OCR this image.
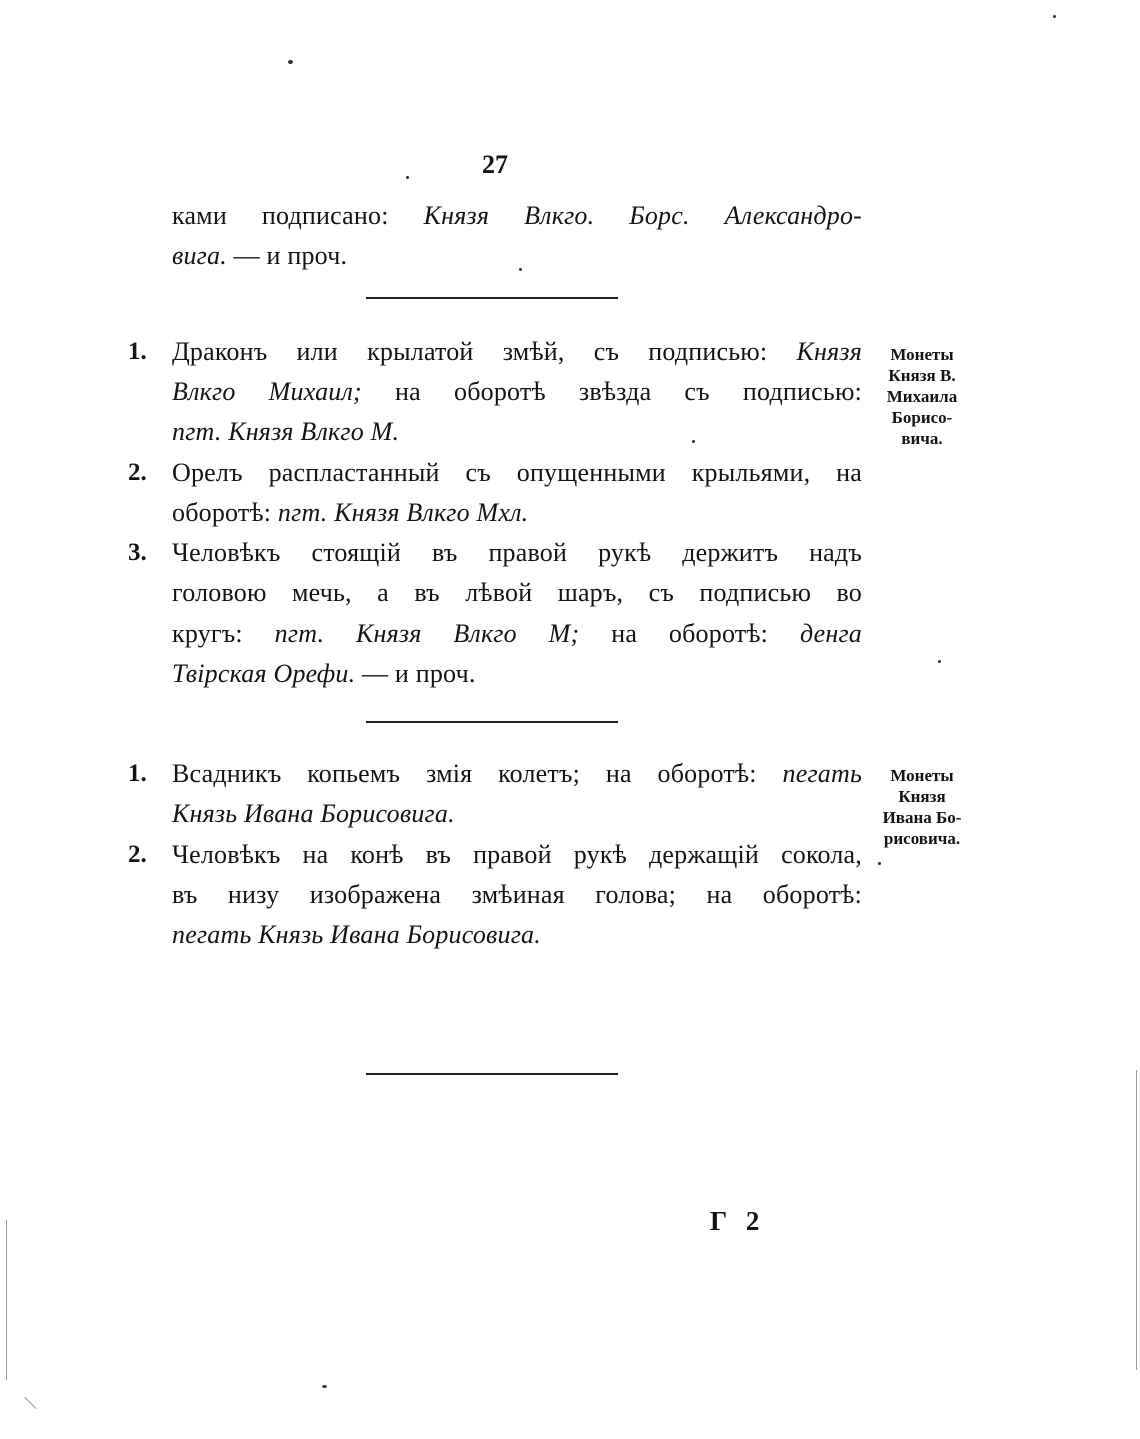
27
ками подписано: Князя Влкго. Борс. Александро-
вига. — и проч.
Монеты
Князя В.
Михаила
Борисо-
вича.
1. Драконъ или крылатой змѣй, съ подписью: Князя
Влкго Михаил; на оборотѣ звѣзда съ подписью:
пгт. Князя Влкго М.
2. Орелъ распластанный съ опущенными крыльями, на
оборотѣ: пгт. Князя Влкго Мхл.
3. Человѣкъ стоящій въ правой рукѣ держитъ надъ
головою мечь, а въ лѣвой шаръ, съ подписью во
кругъ: пгт. Князя Влкго М; на оборотѣ: денга
Твірская Орефи. — и проч.
Монеты
Князя
Ивана Бо-
рисовича.
1. Всадникъ копьемъ змія колетъ; на оборотѣ: пегать
Князь Ивана Борисовига.
2. Человѣкъ на конѣ въ правой рукѣ держащій сокола,
въ низу изображена змѣиная голова; на оборотѣ:
пегать Князь Ивана Борисовига.
Г 2
